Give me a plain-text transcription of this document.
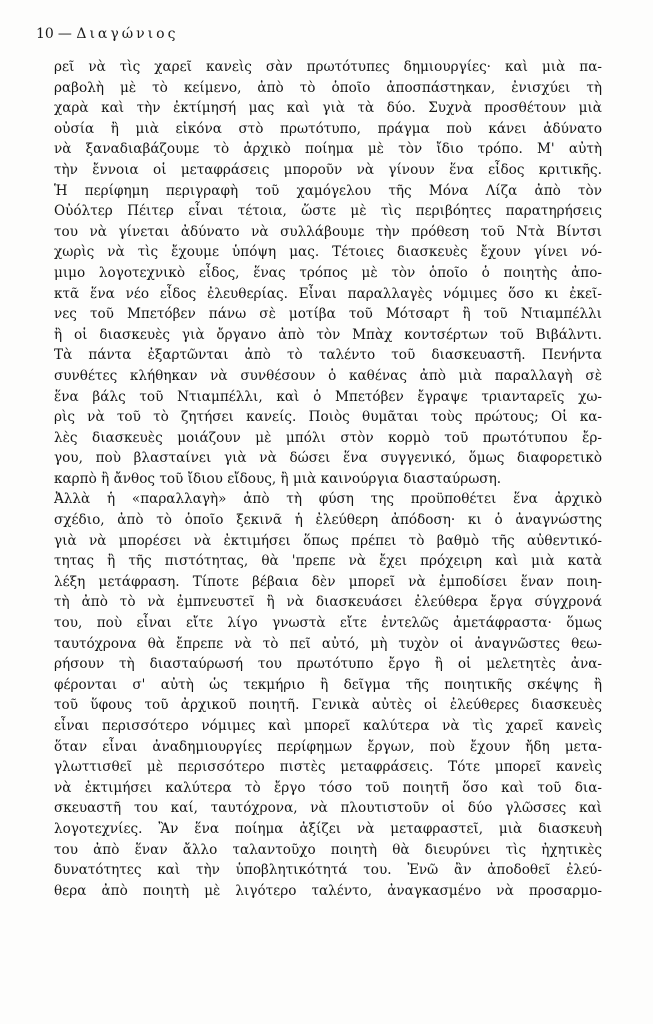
10 — Διαγώνιος
ρεῖ νὰ τὶς χαρεῖ κανεὶς σὰν πρωτότυπες δημιουργίες· καὶ μιὰ πα-
ραβολὴ μὲ τὸ κείμενο, ἀπὸ τὸ ὁποῖο ἀποσπάστηκαν, ἐνισχύει τὴ
χαρὰ καὶ τὴν ἐκτίμησή μας καὶ γιὰ τὰ δύο. Συχνὰ προσθέτουν μιὰ
οὐσία ἢ μιὰ εἰκόνα στὸ πρωτότυπο, πράγμα ποὺ κάνει ἀδύνατο
νὰ ξαναδιαβάζουμε τὸ ἀρχικὸ ποίημα μὲ τὸν ἴδιο τρόπο. Μ' αὐτὴ
τὴν ἔννοια οἱ μεταφράσεις μποροῦν νὰ γίνουν ἕνα εἶδος κριτικῆς.
Ἡ περίφημη περιγραφὴ τοῦ χαμόγελου τῆς Μόνα Λίζα ἀπὸ τὸν
Οὐόλτερ Πέιτερ εἶναι τέτοια, ὥστε μὲ τὶς περιβόητες παρατηρήσεις
του νὰ γίνεται ἀδύνατο νὰ συλλάβουμε τὴν πρόθεση τοῦ Ντὰ Βίντσι
χωρὶς νὰ τὶς ἔχουμε ὑπόψη μας. Τέτοιες διασκευὲς ἔχουν γίνει νό-
μιμο λογοτεχνικὸ εἶδος, ἕνας τρόπος μὲ τὸν ὁποῖο ὁ ποιητὴς ἀπο-
κτᾶ ἕνα νέο εἶδος ἐλευθερίας. Εἶναι παραλλαγὲς νόμιμες ὅσο κι ἐκεῖ-
νες τοῦ Μπετόβεν πάνω σὲ μοτίβα τοῦ Μότσαρτ ἢ τοῦ Ντιαμπέλλι
ἢ οἱ διασκευὲς γιὰ ὄργανο ἀπὸ τὸν Μπὰχ κοντσέρτων τοῦ Βιβάλντι.
Τὰ πάντα ἐξαρτῶνται ἀπὸ τὸ ταλέντο τοῦ διασκευαστῆ. Πενήντα
συνθέτες κλήθηκαν νὰ συνθέσουν ὁ καθένας ἀπὸ μιὰ παραλλαγὴ σὲ
ἕνα βάλς τοῦ Ντιαμπέλλι, καὶ ὁ Μπετόβεν ἔγραψε τριανταρεῖς χω-
ρὶς νὰ τοῦ τὸ ζητήσει κανείς. Ποιὸς θυμᾶται τοὺς πρώτους; Οἱ κα-
λὲς διασκευὲς μοιάζουν μὲ μπόλι στὸν κορμὸ τοῦ πρωτότυπου ἔρ-
γου, ποὺ βλασταίνει γιὰ νὰ δώσει ἕνα συγγενικό, ὅμως διαφορετικὸ
καρπὸ ἢ ἄνθος τοῦ ἴδιου εἴδους, ἢ μιὰ καινούργια διασταύρωση.
Ἀλλὰ ἡ «παραλλαγὴ» ἀπὸ τὴ φύση της προϋποθέτει ἕνα ἀρχικὸ
σχέδιο, ἀπὸ τὸ ὁποῖο ξεκινᾶ ἡ ἐλεύθερη ἀπόδοση· κι ὁ ἀναγνώστης
γιὰ νὰ μπορέσει νὰ ἐκτιμήσει ὅπως πρέπει τὸ βαθμὸ τῆς αὐθεντικό-
τητας ἢ τῆς πιστότητας, θὰ 'πρεπε νὰ ἔχει πρόχειρη καὶ μιὰ κατὰ
λέξη μετάφραση. Τίποτε βέβαια δὲν μπορεῖ νὰ ἐμποδίσει ἕναν ποιη-
τὴ ἀπὸ τὸ νὰ ἐμπνευστεῖ ἢ νὰ διασκευάσει ἐλεύθερα ἔργα σύγχρονά
του, ποὺ εἶναι εἴτε λίγο γνωστὰ εἴτε ἐντελῶς ἀμετάφραστα· ὅμως
ταυτόχρονα θὰ ἔπρεπε νὰ τὸ πεῖ αὐτό, μὴ τυχὸν οἱ ἀναγνῶστες θεω-
ρήσουν τὴ διασταύρωσή του πρωτότυπο ἔργο ἢ οἱ μελετητὲς ἀνα-
φέρονται σ' αὐτὴ ὡς τεκμήριο ἢ δεῖγμα τῆς ποιητικῆς σκέψης ἢ
τοῦ ὕφους τοῦ ἀρχικοῦ ποιητῆ. Γενικὰ αὐτὲς οἱ ἐλεύθερες διασκευὲς
εἶναι περισσότερο νόμιμες καὶ μπορεῖ καλύτερα νὰ τὶς χαρεῖ κανεὶς
ὅταν εἶναι ἀναδημιουργίες περίφημων ἔργων, ποὺ ἔχουν ἤδη μετα-
γλωττισθεῖ μὲ περισσότερο πιστὲς μεταφράσεις. Τότε μπορεῖ κανεὶς
νὰ ἐκτιμήσει καλύτερα τὸ ἔργο τόσο τοῦ ποιητῆ ὅσο καὶ τοῦ δια-
σκευαστῆ του καί, ταυτόχρονα, νὰ πλουτιστοῦν οἱ δύο γλῶσσες καὶ
λογοτεχνίες. Ἂν ἕνα ποίημα ἀξίζει νὰ μεταφραστεῖ, μιὰ διασκευὴ
του ἀπὸ ἕναν ἄλλο ταλαντοῦχο ποιητὴ θὰ διευρύνει τὶς ἠχητικὲς
δυνατότητες καὶ τὴν ὑποβλητικότητά του. Ἐνῶ ἂν ἀποδοθεῖ ἐλεύ-
θερα ἀπὸ ποιητὴ μὲ λιγότερο ταλέντο, ἀναγκασμένο νὰ προσαρμο-
